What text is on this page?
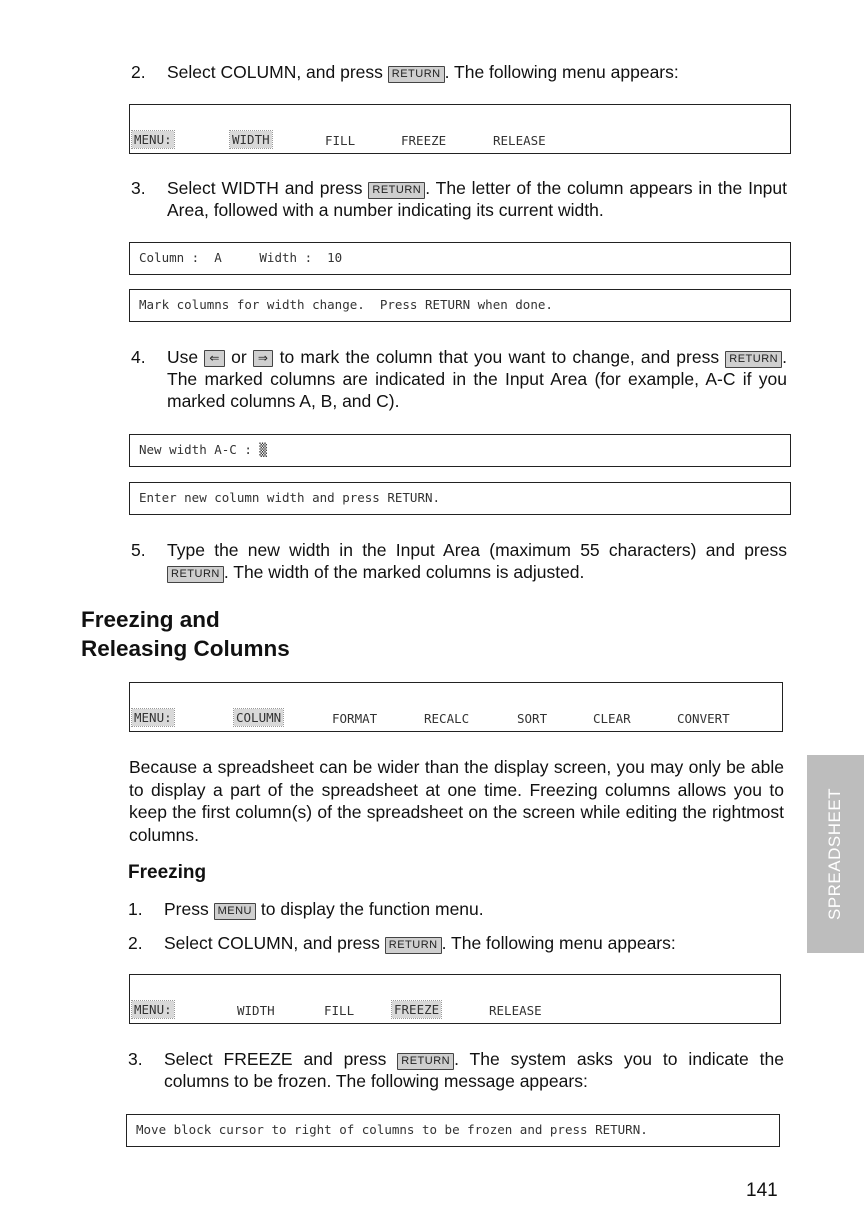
2. Select COLUMN, and press RETURN . The following menu appears:
MENU:	WIDTH	FILL	FREEZE	RELEASE
3. Select WIDTH and press RETURN . The letter of the column appears in the Input Area, followed with a number indicating its current width.
Column :  A     Width :  10
Mark columns for width change.  Press RETURN when done.
4. Use ⇐ or ⇒ to mark the column that you want to change, and press RETURN . The marked columns are indicated in the Input Area (for example, A-C if you marked columns A, B, and C).
New width A-C : ▒
Enter new column width and press RETURN.
5. Type the new width in the Input Area (maximum 55 characters) and press RETURN . The width of the marked columns is adjusted.
Freezing and
Releasing Columns
MENU:	COLUMN	FORMAT	RECALC	SORT	CLEAR	CONVERT
Because a spreadsheet can be wider than the display screen, you may only be able to display a part of the spreadsheet at one time. Freezing columns allows you to keep the first column(s) of the spreadsheet on the screen while editing the rightmost columns.
Freezing
1. Press MENU to display the function menu.
2. Select COLUMN, and press RETURN . The following menu appears:
MENU:	WIDTH	FILL	FREEZE	RELEASE
3. Select FREEZE and press RETURN . The system asks you to indicate the columns to be frozen. The following message appears:
Move block cursor to right of columns to be frozen and press RETURN.
SPREADSHEET
141
